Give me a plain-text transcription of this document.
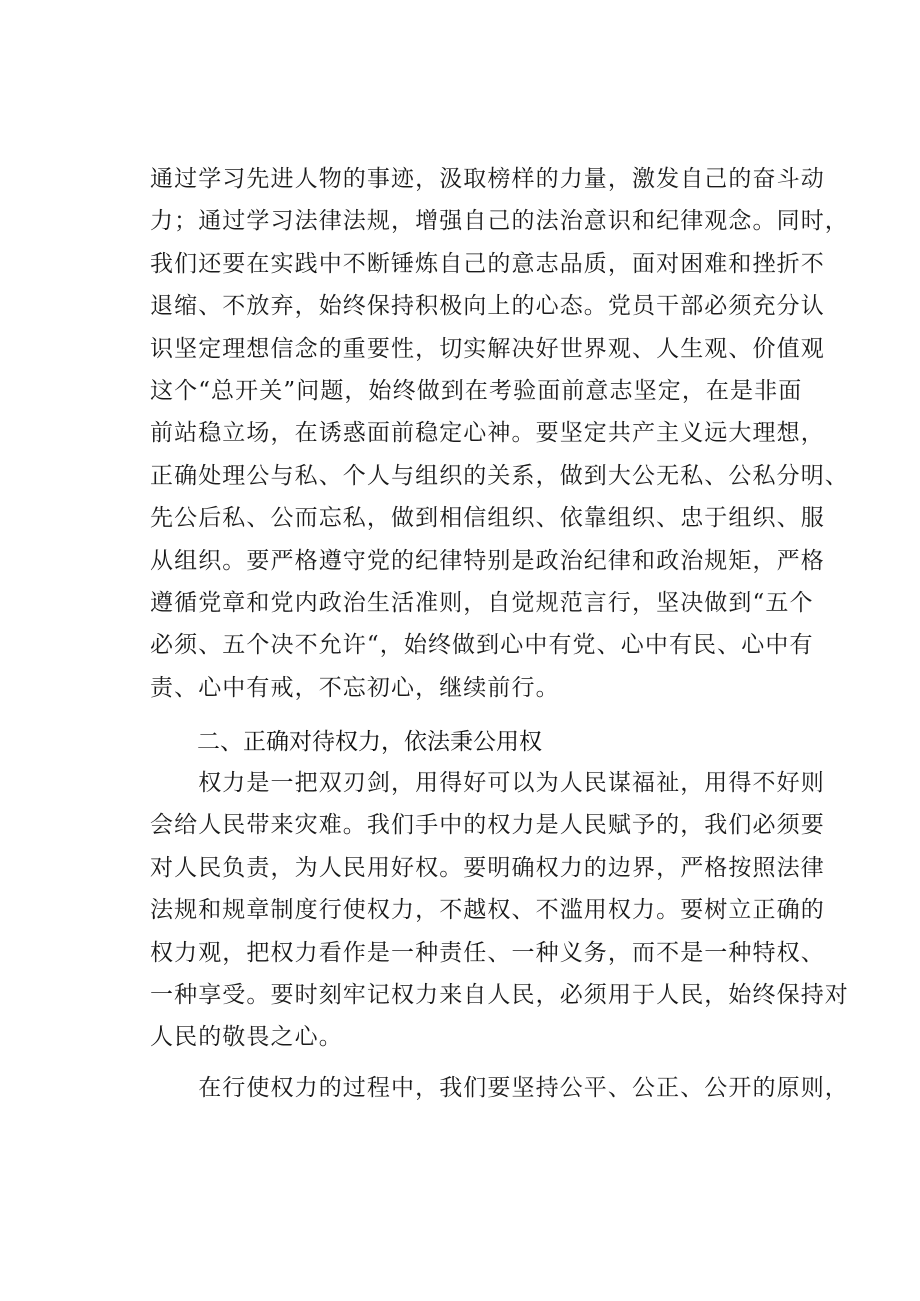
通过学习先进人物的事迹，汲取榜样的力量，激发自己的奋斗动
力；通过学习法律法规，增强自己的法治意识和纪律观念。同时，
我们还要在实践中不断锤炼自己的意志品质，面对困难和挫折不
退缩、不放弃，始终保持积极向上的心态。党员干部必须充分认
识坚定理想信念的重要性，切实解决好世界观、人生观、价值观
这个“总开关”问题，始终做到在考验面前意志坚定，在是非面
前站稳立场，在诱惑面前稳定心神。要坚定共产主义远大理想，
正确处理公与私、个人与组织的关系，做到大公无私、公私分明、
先公后私、公而忘私，做到相信组织、依靠组织、忠于组织、服
从组织。要严格遵守党的纪律特别是政治纪律和政治规矩，严格
遵循党章和党内政治生活准则，自觉规范言行，坚决做到“五个
必须、五个决不允许“，始终做到心中有党、心中有民、心中有
责、心中有戒，不忘初心，继续前行。
二、正确对待权力，依法秉公用权
　　权力是一把双刃剑，用得好可以为人民谋福祉，用得不好则
会给人民带来灾难。我们手中的权力是人民赋予的，我们必须要
对人民负责，为人民用好权。要明确权力的边界，严格按照法律
法规和规章制度行使权力，不越权、不滥用权力。要树立正确的
权力观，把权力看作是一种责任、一种义务，而不是一种特权、
一种享受。要时刻牢记权力来自人民，必须用于人民，始终保持对
人民的敬畏之心。
　　在行使权力的过程中，我们要坚持公平、公正、公开的原则，
